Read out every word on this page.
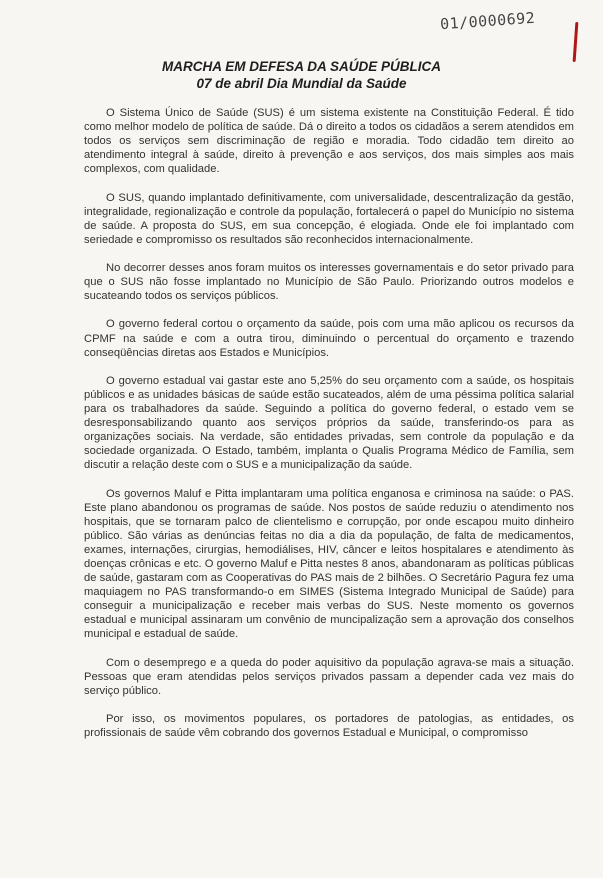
01/0000692
MARCHA EM DEFESA DA SAÚDE PÚBLICA
07 de abril Dia Mundial da Saúde

O Sistema Único de Saúde (SUS) é um sistema existente na Constituição Federal. É tido como melhor modelo de política de saúde. Dá o direito a todos os cidadãos a serem atendidos em todos os serviços sem discriminação de região e moradia. Todo cidadão tem direito ao atendimento integral à saúde, direito à prevenção e aos serviços, dos mais simples aos mais complexos, com qualidade.

O SUS, quando implantado definitivamente, com universalidade, descentralização da gestão, integralidade, regionalização e controle da população, fortalecerá o papel do Município no sistema de saúde. A proposta do SUS, em sua concepção, é elogiada. Onde ele foi implantado com seriedade e compromisso os resultados são reconhecidos internacionalmente.

No decorrer desses anos foram muitos os interesses governamentais e do setor privado para que o SUS não fosse implantado no Município de São Paulo. Priorizando outros modelos e sucateando todos os serviços públicos.

O governo federal cortou o orçamento da saúde, pois com uma mão aplicou os recursos da CPMF na saúde e com a outra tirou, diminuindo o percentual do orçamento e trazendo conseqüências diretas aos Estados e Municípios.

O governo estadual vai gastar este ano 5,25% do seu orçamento com a saúde, os hospitais públicos e as unidades básicas de saúde estão sucateados, além de uma péssima política salarial para os trabalhadores da saúde. Seguindo a política do governo federal, o estado vem se desresponsabilizando quanto aos serviços próprios da saúde, transferindo-os para as organizações sociais. Na verdade, são entidades privadas, sem controle da população e da sociedade organizada. O Estado, também, implanta o Qualis Programa Médico de Família, sem discutir a relação deste com o SUS e a municipalização da saúde.

Os governos Maluf e Pitta implantaram uma política enganosa e criminosa na saúde: o PAS. Este plano abandonou os programas de saúde. Nos postos de saúde reduziu o atendimento nos hospitais, que se tornaram palco de clientelismo e corrupção, por onde escapou muito dinheiro público. São várias as denúncias feitas no dia a dia da população, de falta de medicamentos, exames, internações, cirurgias, hemodiálises, HIV, câncer e leitos hospitalares e atendimento às doenças crônicas e etc. O governo Maluf e Pitta nestes 8 anos, abandonaram as políticas públicas de saúde, gastaram com as Cooperativas do PAS mais de 2 bilhões. O Secretário Pagura fez uma maquiagem no PAS transformando-o em SIMES (Sistema Integrado Municipal de Saúde) para conseguir a municipalização e receber mais verbas do SUS. Neste momento os governos estadual e municipal assinaram um convênio de muncipalização sem a aprovação dos conselhos municipal e estadual de saúde.

Com o desemprego e a queda do poder aquisitivo da população agrava-se mais a situação. Pessoas que eram atendidas pelos serviços privados passam a depender cada vez mais do serviço público.

Por isso, os movimentos populares, os portadores de patologias, as entidades, os profissionais de saúde vêm cobrando dos governos Estadual e Municipal, o compromisso
